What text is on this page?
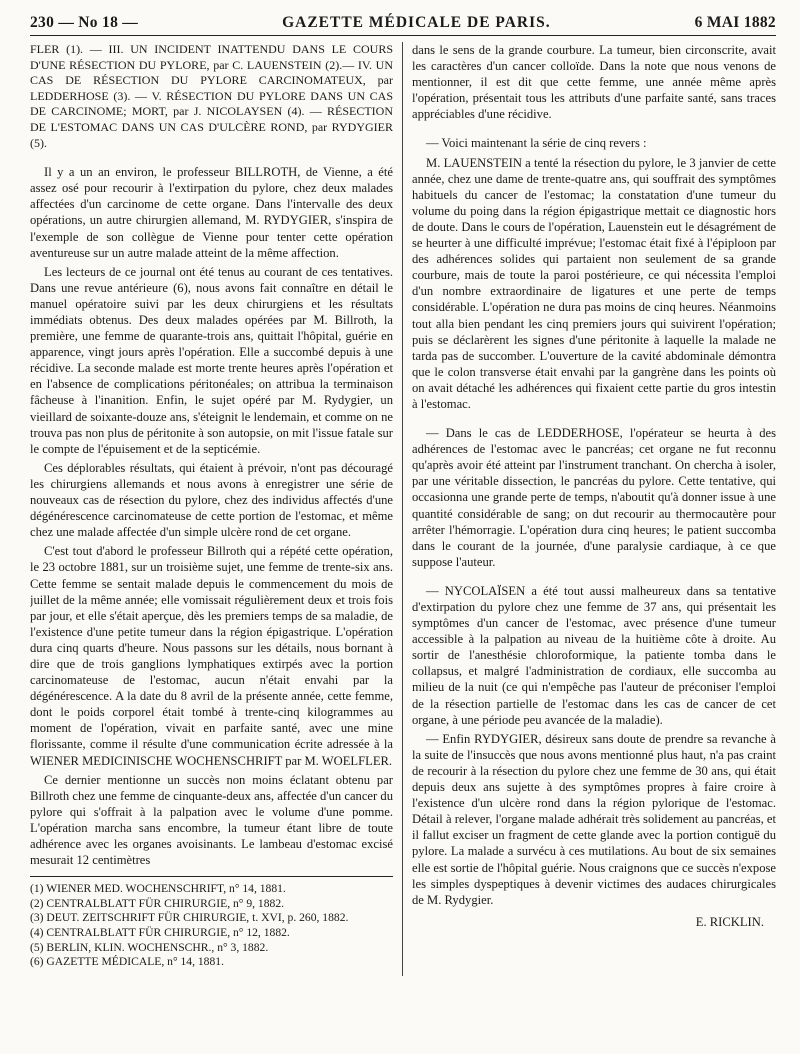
230 — No 18 —	GAZETTE MÉDICALE DE PARIS.	6 MAI 1882

FLER (1). — III. UN INCIDENT INATTENDU DANS LE COURS D'UNE RÉSECTION DU PYLORE, par C. LAUENSTEIN (2).— IV. UN CAS DE RÉSECTION DU PYLORE CARCINOMATEUX, par LEDDERHOSE (3). — V. RÉSECTION DU PYLORE DANS UN CAS DE CARCINOME; MORT, par J. NICOLAYSEN (4). — RÉSECTION DE L'ESTOMAC DANS UN CAS D'ULCÈRE ROND, par RYDYGIER (5).

Il y a un an environ, le professeur BILLROTH, de Vienne, a été assez osé pour recourir à l'extirpation du pylore, chez deux malades affectées d'un carcinome de cette organe. Dans l'intervalle des deux opérations, un autre chirurgien allemand, M. RYDYGIER, s'inspira de l'exemple de son collègue de Vienne pour tenter cette opération aventureuse sur un autre malade atteint de la même affection.

Les lecteurs de ce journal ont été tenus au courant de ces tentatives. Dans une revue antérieure (6), nous avons fait connaître en détail le manuel opératoire suivi par les deux chirurgiens et les résultats immédiats obtenus. Des deux malades opérées par M. Billroth, la première, une femme de quarante-trois ans, quittait l'hôpital, guérie en apparence, vingt jours après l'opération. Elle a succombé depuis à une récidive. La seconde malade est morte trente heures après l'opération et en l'absence de complications péritonéales; on attribua la terminaison fâcheuse à l'inanition. Enfin, le sujet opéré par M. Rydygier, un vieillard de soixante-douze ans, s'éteignit le lendemain, et comme on ne trouva pas non plus de péritonite à son autopsie, on mit l'issue fatale sur le compte de l'épuisement et de la septicémie.

Ces déplorables résultats, qui étaient à prévoir, n'ont pas découragé les chirurgiens allemands et nous avons à enregistrer une série de nouveaux cas de résection du pylore, chez des individus affectés d'une dégénérescence carcinomateuse de cette portion de l'estomac, et même chez une malade affectée d'un simple ulcère rond de cet organe.

C'est tout d'abord le professeur Billroth qui a répété cette opération, le 23 octobre 1881, sur un troisième sujet, une femme de trente-six ans. Cette femme se sentait malade depuis le commencement du mois de juillet de la même année; elle vomissait régulièrement deux et trois fois par jour, et elle s'était aperçue, dès les premiers temps de sa maladie, de l'existence d'une petite tumeur dans la région épigastrique. L'opération dura cinq quarts d'heure. Nous passons sur les détails, nous bornant à dire que de trois ganglions lymphatiques extirpés avec la portion carcinomateuse de l'estomac, aucun n'était envahi par la dégénérescence. A la date du 8 avril de la présente année, cette femme, dont le poids corporel était tombé à trente-cinq kilogrammes au moment de l'opération, vivait en parfaite santé, avec une mine florissante, comme il résulte d'une communication écrite adressée à la WIENER MEDICINISCHE WOCHENSCHRIFT par M. WOELFLER.

Ce dernier mentionne un succès non moins éclatant obtenu par Billroth chez une femme de cinquante-deux ans, affectée d'un cancer du pylore qui s'offrait à la palpation avec le volume d'une pomme. L'opération marcha sans encombre, la tumeur étant libre de toute adhérence avec les organes avoisinants. Le lambeau d'estomac excisé mesurait 12 centimètres

(1) WIENER MED. WOCHENSCHRIFT, n° 14, 1881.
(2) CENTRALBLATT FÜR CHIRURGIE, n° 9, 1882.
(3) DEUT. ZEITSCHRIFT FÜR CHIRURGIE, t. XVI, p. 260, 1882.
(4) CENTRALBLATT FÜR CHIRURGIE, n° 12, 1882.
(5) BERLIN, KLIN. WOCHENSCHR., n° 3, 1882.
(6) GAZETTE MÉDICALE, n° 14, 1881.

dans le sens de la grande courbure. La tumeur, bien circonscrite, avait les caractères d'un cancer colloïde. Dans la note que nous venons de mentionner, il est dit que cette femme, une année même après l'opération, présentait tous les attributs d'une parfaite santé, sans traces appréciables d'une récidive.

— Voici maintenant la série de cinq revers :

M. LAUENSTEIN a tenté la résection du pylore, le 3 janvier de cette année, chez une dame de trente-quatre ans, qui souffrait des symptômes habituels du cancer de l'estomac; la constatation d'une tumeur du volume du poing dans la région épigastrique mettait ce diagnostic hors de doute. Dans le cours de l'opération, Lauenstein eut le désagrément de se heurter à une difficulté imprévue; l'estomac était fixé à l'épiploon par des adhérences solides qui partaient non seulement de sa grande courbure, mais de toute la paroi postérieure, ce qui nécessita l'emploi d'un nombre extraordinaire de ligatures et une perte de temps considérable. L'opération ne dura pas moins de cinq heures. Néanmoins tout alla bien pendant les cinq premiers jours qui suivirent l'opération; puis se déclarèrent les signes d'une péritonite à laquelle la malade ne tarda pas de succomber. L'ouverture de la cavité abdominale démontra que le colon transverse était envahi par la gangrène dans les points où on avait détaché les adhérences qui fixaient cette partie du gros intestin à l'estomac.

— Dans le cas de LEDDERHOSE, l'opérateur se heurta à des adhérences de l'estomac avec le pancréas; cet organe ne fut reconnu qu'après avoir été atteint par l'instrument tranchant. On chercha à isoler, par une véritable dissection, le pancréas du pylore. Cette tentative, qui occasionna une grande perte de temps, n'aboutit qu'à donner issue à une quantité considérable de sang; on dut recourir au thermocautère pour arrêter l'hémorragie. L'opération dura cinq heures; le patient succomba dans le courant de la journée, d'une paralysie cardiaque, à ce que suppose l'auteur.

— NYCOLAÏSEN a été tout aussi malheureux dans sa tentative d'extirpation du pylore chez une femme de 37 ans, qui présentait les symptômes d'un cancer de l'estomac, avec présence d'une tumeur accessible à la palpation au niveau de la huitième côte à droite. Au sortir de l'anesthésie chloroformique, la patiente tomba dans le collapsus, et malgré l'administration de cordiaux, elle succomba au milieu de la nuit (ce qui n'empêche pas l'auteur de préconiser l'emploi de la résection partielle de l'estomac dans les cas de cancer de cet organe, à une période peu avancée de la maladie).

— Enfin RYDYGIER, désireux sans doute de prendre sa revanche à la suite de l'insuccès que nous avons mentionné plus haut, n'a pas craint de recourir à la résection du pylore chez une femme de 30 ans, qui était depuis deux ans sujette à des symptômes propres à faire croire à l'existence d'un ulcère rond dans la région pylorique de l'estomac. Détail à relever, l'organe malade adhérait très solidement au pancréas, et il fallut exciser un fragment de cette glande avec la portion contiguë du pylore. La malade a survécu à ces mutilations. Au bout de six semaines elle est sortie de l'hôpital guérie. Nous craignons que ce succès n'expose les simples dyspeptiques à devenir victimes des audaces chirurgicales de M. Rydygier.

E. RICKLIN.
